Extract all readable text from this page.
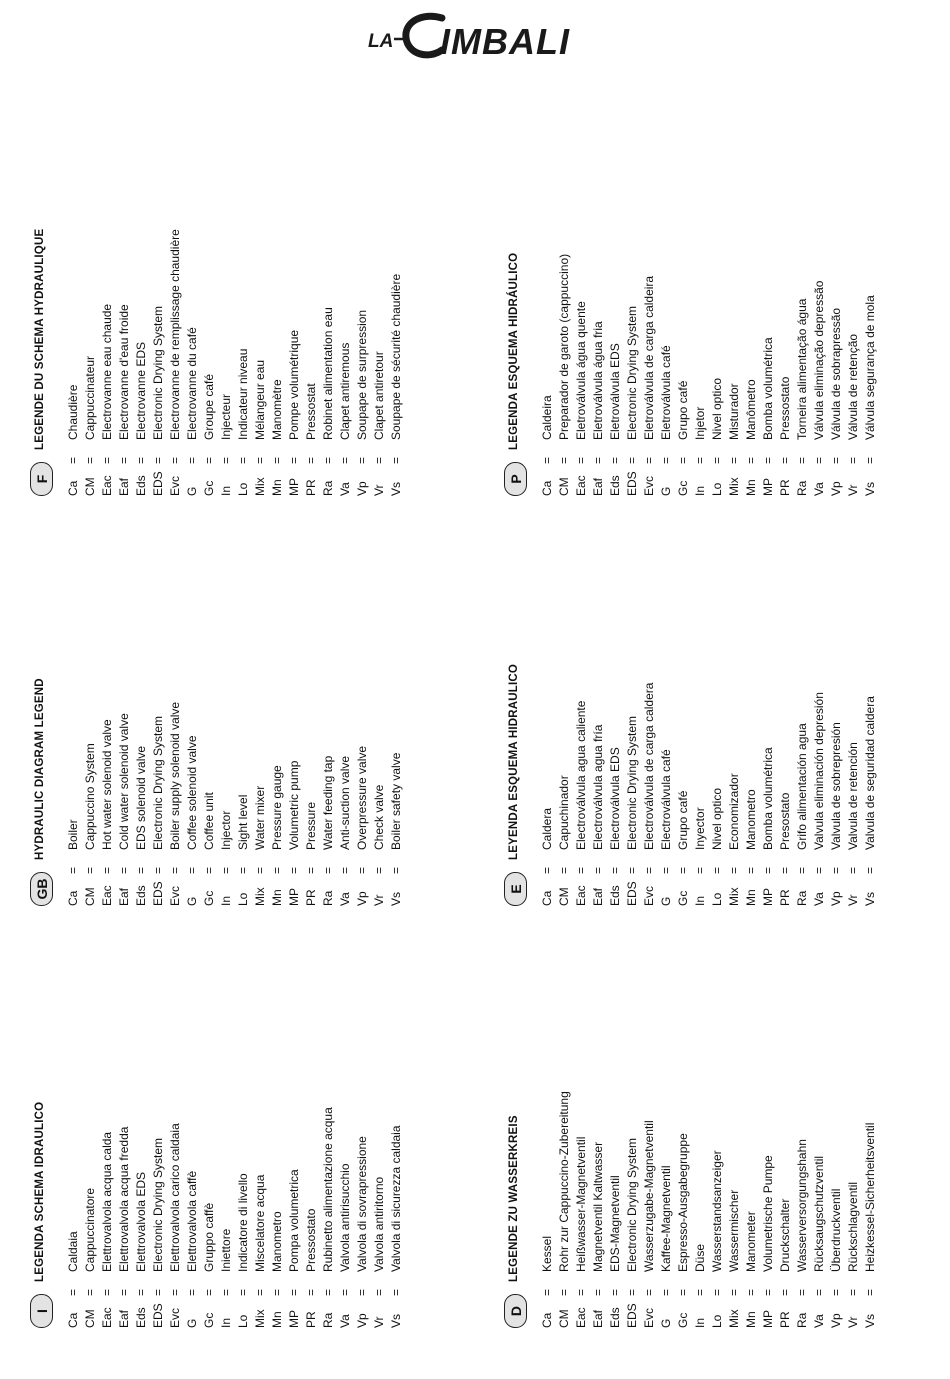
LA IMBALI
I
LEGENDA SCHEMA IDRAULICO
Ca
=
Caldaia
CM
=
Cappuccinatore
Eac
=
Elettrovalvola acqua calda
Eaf
=
Elettrovalvola acqua fredda
Eds
=
Elettrovalvola EDS
EDS
=
Electronic Drying System
Evc
=
Elettrovalvola carico caldaia
G
=
Elettrovalvola caffè
Gc
=
Gruppo caffè
In
=
Iniettore
Lo
=
Indicatore di livello
Mix
=
Miscelatore acqua
Mn
=
Manometro
MP
=
Pompa volumetrica
PR
=
Pressostato
Ra
=
Rubinetto alimentazione acqua
Va
=
Valvola antirisucchio
Vp
=
Valvola di sovrapressione
Vr
=
Valvola antiritorno
Vs
=
Valvola di sicurezza caldaia
GB
HYDRAULIC DIAGRAM LEGEND
Ca
=
Boiler
CM
=
Cappuccino System
Eac
=
Hot water solenoid valve
Eaf
=
Cold water solenoid valve
Eds
=
EDS solenoid valve
EDS
=
Electronic Drying System
Evc
=
Boiler supply solenoid valve
G
=
Coffee solenoid valve
Gc
=
Coffee unit
In
=
Injector
Lo
=
Sight level
Mix
=
Water mixer
Mn
=
Pressure gauge
MP
=
Volumetric pump
PR
=
Pressure
Ra
=
Water feeding tap
Va
=
Anti-suction valve
Vp
=
Overpressure valve
Vr
=
Check valve
Vs
=
Boiler safety valve
F
LEGENDE DU SCHEMA HYDRAULIQUE
Ca
=
Chaudière
CM
=
Cappuccinateur
Eac
=
Electrovanne eau chaude
Eaf
=
Electrovanne d'eau froide
Eds
=
Electrovanne EDS
EDS
=
Electronic Drying System
Evc
=
Electrovanne de remplissage chaudière
G
=
Electrovanne du café
Gc
=
Groupe café
In
=
Injecteur
Lo
=
Indicateur niveau
Mix
=
Mélangeur eau
Mn
=
Manomètre
MP
=
Pompe volumétrique
PR
=
Pressostat
Ra
=
Robinet alimentation eau
Va
=
Clapet antiremous
Vp
=
Soupape de surpression
Vr
=
Clapet antiretour
Vs
=
Soupape de sécurité chaudière
D
LEGENDE ZU WASSERKREIS
Ca
=
Kessel
CM
=
Rohr zur Cappuccino-Zubereitung
Eac
=
Heißwasser-Magnetventil
Eaf
=
Magnetventil Kaltwasser
Eds
=
EDS-Magnetventil
EDS
=
Electronic Drying System
Evc
=
Wasserzugabe-Magnetventil
G
=
Kaffee-Magnetventil
Gc
=
Espresso-Ausgabegruppe
In
=
Düse
Lo
=
Wasserstandsanzeiger
Mix
=
Wassermischer
Mn
=
Manometer
MP
=
Volumetrische Pumpe
PR
=
Druckschalter
Ra
=
Wasserversorgungshahn
Va
=
Rücksaugschutzventil
Vp
=
Überdruckventil
Vr
=
Rückschlagventil
Vs
=
Heizkessel-Sicherheitsventil
E
LEYENDA ESQUEMA HIDRAULICO
Ca
=
Caldera
CM
=
Capuchinador
Eac
=
Electroválvula agua caliente
Eaf
=
Electroválvula agua fría
Eds
=
Electroválvula EDS
EDS
=
Electronic Drying System
Evc
=
Electroválvula de carga caldera
G
=
Electroválvula café
Gc
=
Grupo café
In
=
Inyector
Lo
=
Nivel optico
Mix
=
Economizador
Mn
=
Manometro
MP
=
Bomba volumétrica
PR
=
Presostato
Ra
=
Grifo alimentación agua
Va
=
Valvula eliminación depresión
Vp
=
Valvula de sobrepresión
Vr
=
Valvula de retención
Vs
=
Valvula de seguridad caldera
P
LEGENDA ESQUEMA HIDRÁULICO
Ca
=
Caldeira
CM
=
Preparador de garoto (cappuccino)
Eac
=
Eletroválvula água quente
Eaf
=
Eletroválvula água fria
Eds
=
Eletroválvula EDS
EDS
=
Electronic Drying System
Evc
=
Eletroválvula de carga caldeira
G
=
Eletroválvula café
Gc
=
Grupo café
In
=
Injetor
Lo
=
Nivel optico
Mix
=
Misturador
Mn
=
Manômetro
MP
=
Bomba volumétrica
PR
=
Pressostato
Ra
=
Torneira alimentação água
Va
=
Válvula eliminação depressão
Vp
=
Válvula de sobrapressão
Vr
=
Válvula de retenção
Vs
=
Válvula segurança de mola
